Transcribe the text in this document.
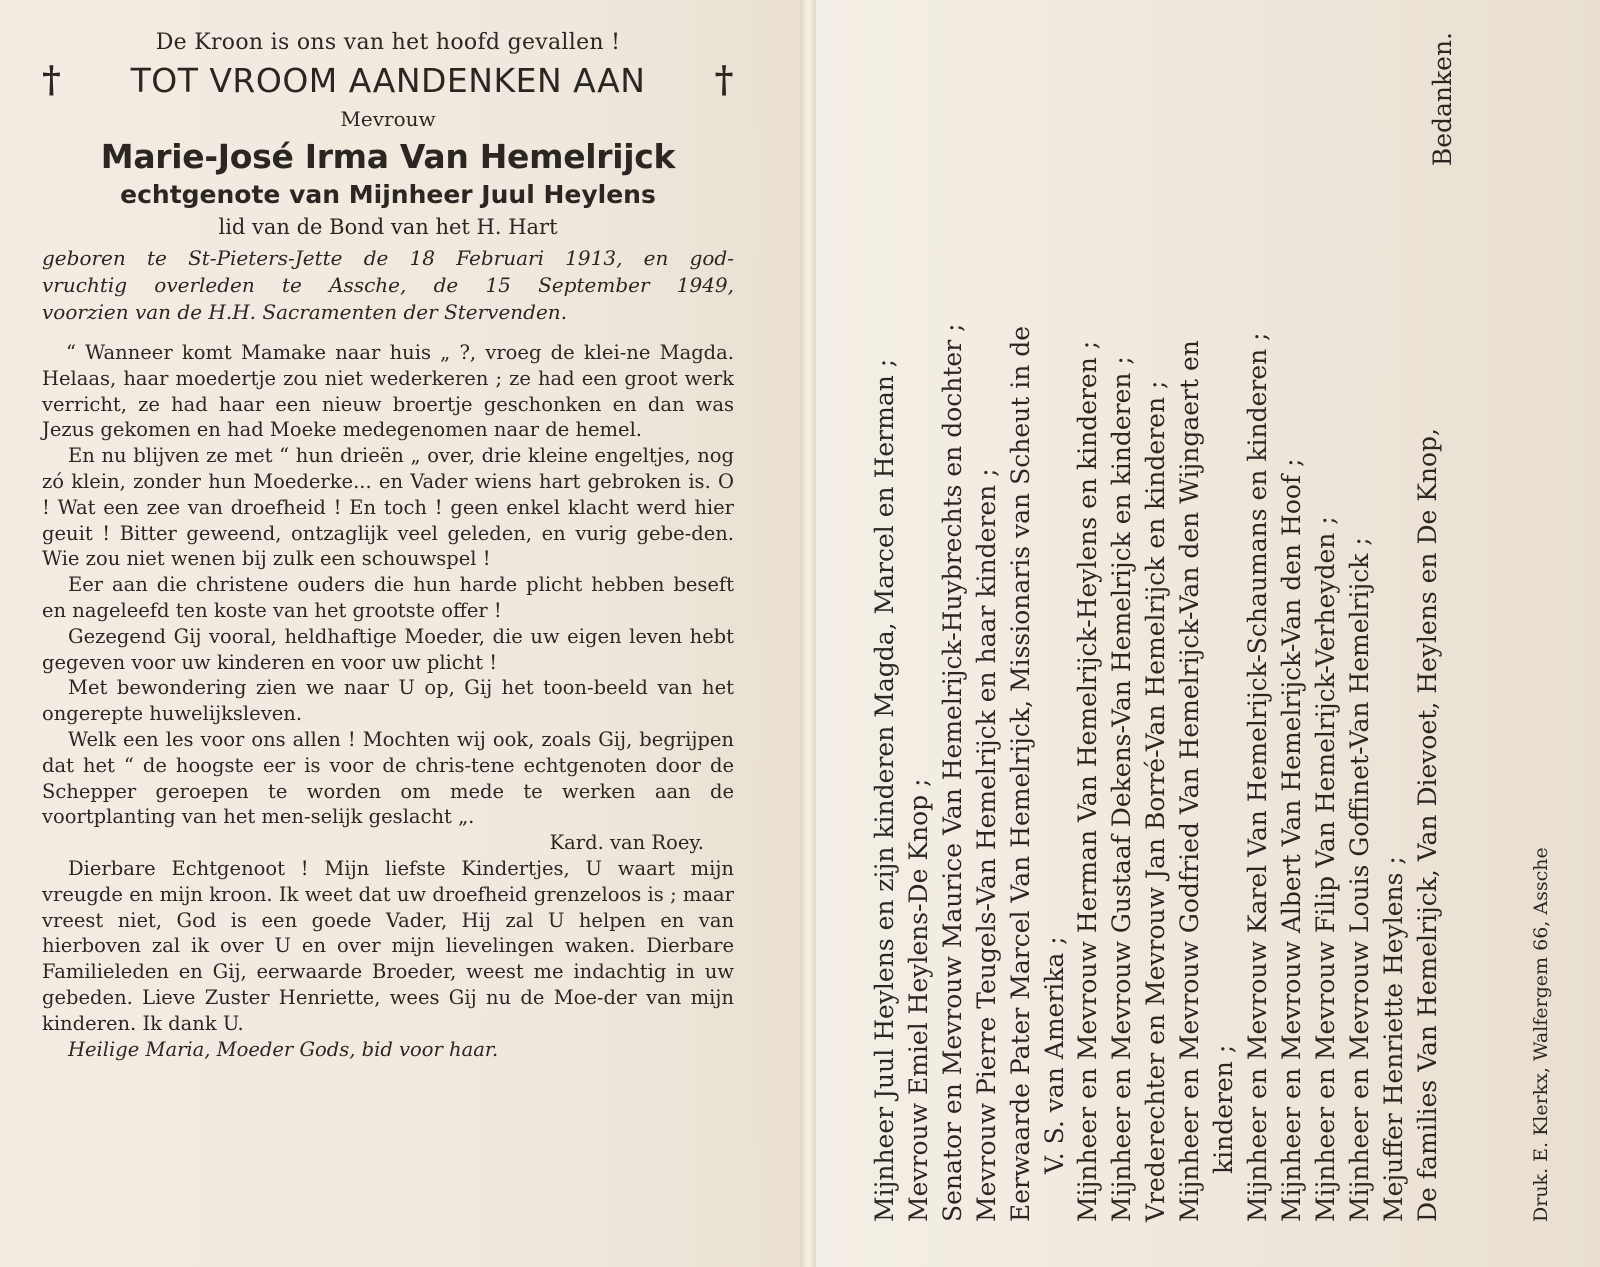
De Kroon is ons van het hoofd gevallen !
† TOT VROOM AANDENKEN AAN †
Mevrouw
Marie-José Irma Van Hemelrijck
echtgenote van Mijnheer Juul Heylens
lid van de Bond van het H. Hart
geboren te St-Pieters-Jette de 18 Februari 1913, en god-
vruchtig overleden te Assche, de 15 September 1949,
voorzien van de H.H. Sacramenten der Stervenden.

“ Wanneer komt Mamake naar huis „ ?, vroeg de klei-ne Magda. Helaas, haar moedertje zou niet wederkeren ; ze had een groot werk verricht, ze had haar een nieuw broertje geschonken en dan was Jezus gekomen en had Moeke medegenomen naar de hemel.

En nu blijven ze met “ hun drieën „ over, drie kleine engeltjes, nog zó klein, zonder hun Moederke... en Vader wiens hart gebroken is. O ! Wat een zee van droefheid ! En toch ! geen enkel klacht werd hier geuit ! Bitter geweend, ontzaglijk veel geleden, en vurig gebe-den. Wie zou niet wenen bij zulk een schouwspel !

Eer aan die christene ouders die hun harde plicht hebben beseft en nageleefd ten koste van het grootste offer !

Gezegend Gij vooral, heldhaftige Moeder, die uw eigen leven hebt gegeven voor uw kinderen en voor uw plicht !

Met bewondering zien we naar U op, Gij het toon-beeld van het ongerepte huwelijksleven.

Welk een les voor ons allen ! Mochten wij ook, zoals Gij, begrijpen dat het “ de hoogste eer is voor de chris-tene echtgenoten door de Schepper geroepen te worden om mede te werken aan de voortplanting van het men-selijk geslacht „.

Kard. van Roey.

Dierbare Echtgenoot ! Mijn liefste Kindertjes, U waart mijn vreugde en mijn kroon. Ik weet dat uw droefheid grenzeloos is ; maar vreest niet, God is een goede Vader, Hij zal U helpen en van hierboven zal ik over U en over mijn lievelingen waken. Dierbare Familieleden en Gij, eerwaarde Broeder, weest me indachtig in uw gebeden. Lieve Zuster Henriette, wees Gij nu de Moe-der van mijn kinderen. Ik dank U.

Heilige Maria, Moeder Gods, bid voor haar.	Mijnheer Juul Heylens en zijn kinderen Magda, Marcel en Herman ; Mevrouw Emiel Heylens-De Knop ; Senator en Mevrouw Maurice Van Hemelrijck-Huybrechts en dochter ; Mevrouw Pierre Teugels-Van Hemelrijck en haar kinderen ; Eerwaarde Pater Marcel Van Hemelrijck, Missionaris van Scheut in de V. S. van Amerika ; Mijnheer en Mevrouw Herman Van Hemelrijck-Heylens en kinderen ; Mijnheer en Mevrouw Gustaaf Dekens-Van Hemelrijck en kinderen ; Vrederechter en Mevrouw Jan Borré-Van Hemelrijck en kinderen ; Mijnheer en Mevrouw Godfried Van Hemelrijck-Van den Wijngaert en kinderen ; Mijnheer en Mevrouw Karel Van Hemelrijck-Schaumans en kinderen ; Mijnheer en Mevrouw Albert Van Hemelrijck-Van den Hoof ; Mijnheer en Mevrouw Filip Van Hemelrijck-Verheyden ; Mijnheer en Mevrouw Louis Goffinet-Van Hemelrijck ; Mejuffer Henriette Heylens ; De families Van Hemelrijck, Van Dievoet, Heylens en De Knop,
Bedanken.
Druk. E. Klerkx, Walfergem 66, Assche
